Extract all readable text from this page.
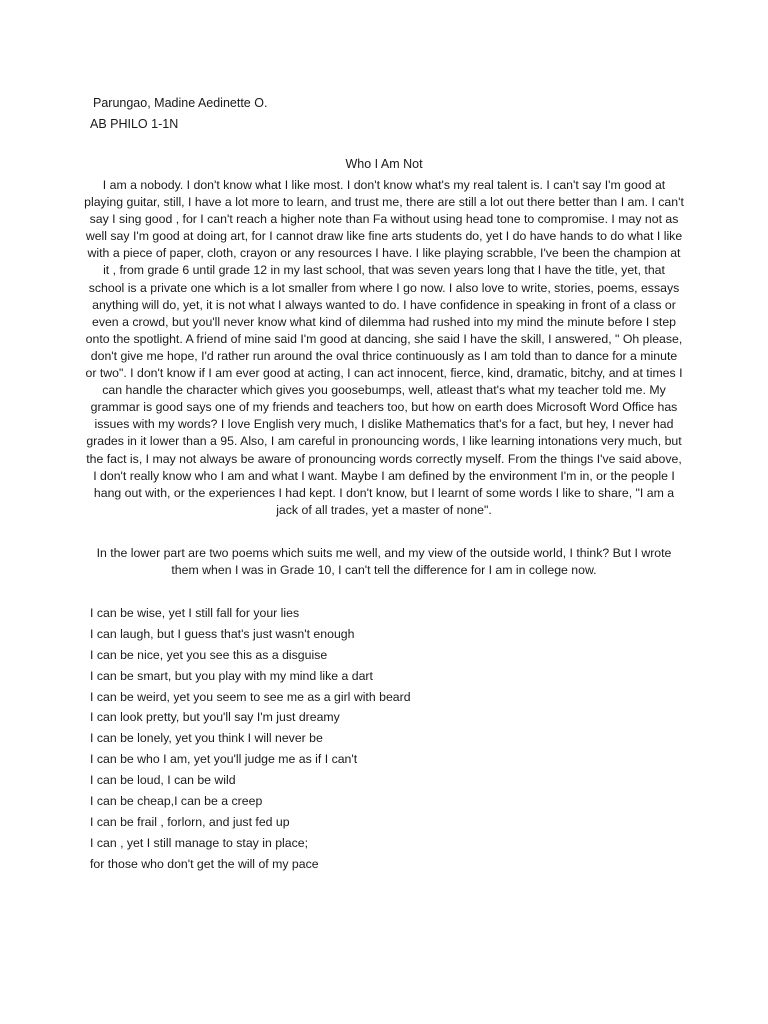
Parungao, Madine Aedinette O.
AB PHILO 1-1N
Who I Am Not
I am a nobody. I don't know what I like most. I don't know what's my real talent is. I can't say I'm good at playing guitar, still, I have a lot more to learn, and trust me, there are still a lot out there better than I am. I can't say I sing good , for I can't reach a higher note than Fa without using head tone to compromise. I may not as well say I'm good at doing art, for I cannot draw like fine arts students do, yet I do have hands to do what I like with a piece of paper, cloth, crayon or any resources I have. I like playing scrabble, I've been the champion at it , from grade 6 until grade 12 in my last school, that was seven years long that I have the title, yet, that school is a private one which is a lot smaller from where I go now. I also love to write, stories, poems, essays anything will do, yet, it is not what I always wanted to do. I have confidence in speaking in front of a class or even a crowd, but you'll never know what kind of dilemma had rushed into my mind the minute before I step onto the spotlight. A friend of mine said I'm good at dancing, she said I have the skill, I answered, " Oh please, don't give me hope, I'd rather run around the oval thrice continuously as I am told than to dance for a minute or two". I don't know if I am ever good at acting, I can act innocent, fierce, kind, dramatic, bitchy, and at times I can handle the character which gives you goosebumps, well, atleast that's what my teacher told me. My grammar is good says one of my friends and teachers too, but how on earth does Microsoft Word Office has issues with my words? I love English very much, I dislike Mathematics that's for a fact, but hey, I never had grades in it lower than a 95. Also, I am careful in pronouncing words, I like learning intonations very much, but the fact is, I may not always be aware of pronouncing words correctly myself. From the things I've said above, I don't really know who I am and what I want. Maybe I am defined by the environment I'm in, or the people I hang out with, or the experiences I had kept. I don't know, but I learnt of some words I like to share, "I am a jack of all trades, yet a master of none".
In the lower part are two poems which suits me well, and my view of the outside world, I think? But I wrote them when I was in Grade 10, I can't tell the difference for I am in college now.
I can be wise, yet I still fall for your lies
I can laugh, but I guess that's just wasn't enough
I can be nice, yet you see this as a disguise
I can be smart, but you play with my mind like a dart
I can be weird, yet you seem to see me as a girl with beard
I can look pretty, but you'll say I'm just dreamy
I can be lonely, yet you think I will never be
I can be who I am, yet you'll judge me as if I can't
I can be loud, I can be wild
I can be cheap,I can be a creep
I can be frail , forlorn, and just fed up
I can , yet I still manage to stay in place;
for those who don't get the will of my pace
